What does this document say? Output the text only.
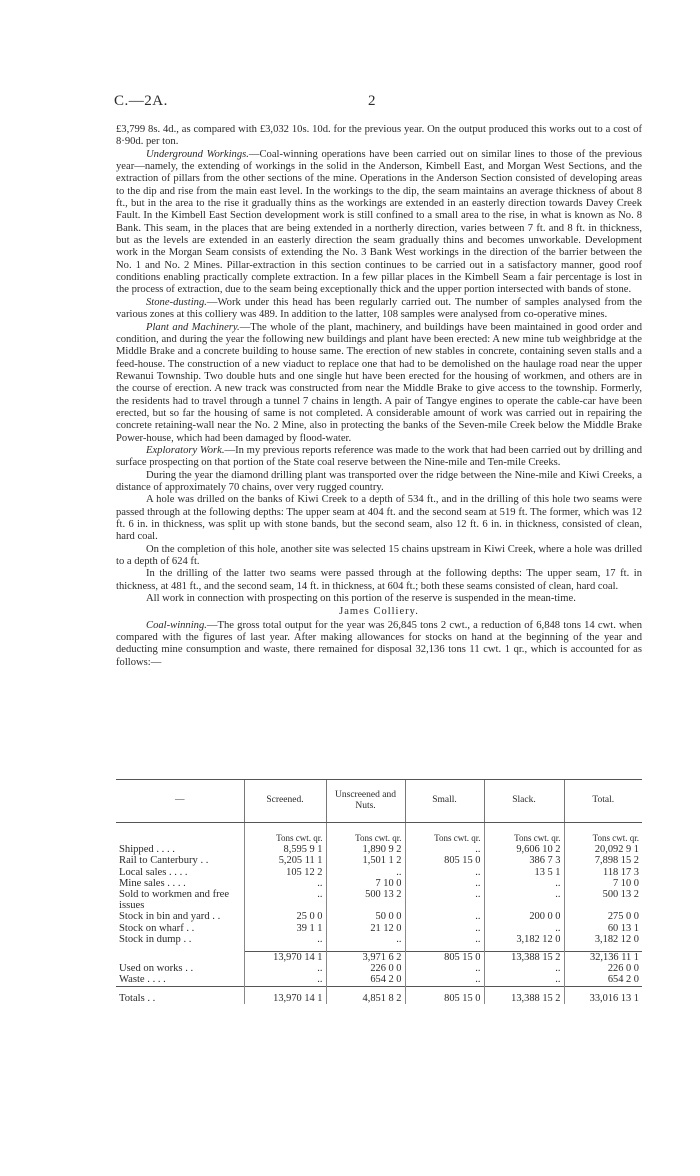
C.—2A.	2

£3,799 8s. 4d., as compared with £3,032 10s. 10d. for the previous year. On the output produced this works out to a cost of 8·90d. per ton.

Underground Workings.—Coal-winning operations have been carried out on similar lines to those of the previous year—namely, the extending of workings in the solid in the Anderson, Kimbell East, and Morgan West Sections, and the extraction of pillars from the other sections of the mine. Operations in the Anderson Section consisted of developing areas to the dip and rise from the main east level. In the workings to the dip, the seam maintains an average thickness of about 8 ft., but in the area to the rise it gradually thins as the workings are extended in an easterly direction towards Davey Creek Fault. In the Kimbell East Section development work is still confined to a small area to the rise, in what is known as No. 8 Bank. This seam, in the places that are being extended in a northerly direction, varies between 7 ft. and 8 ft. in thickness, but as the levels are extended in an easterly direction the seam gradually thins and becomes unworkable. Development work in the Morgan Seam consists of extending the No. 3 Bank West workings in the direction of the barrier between the No. 1 and No. 2 Mines. Pillar-extraction in this section continues to be carried out in a satisfactory manner, good roof conditions enabling practically complete extraction. In a few pillar places in the Kimbell Seam a fair percentage is lost in the process of extraction, due to the seam being exceptionally thick and the upper portion intersected with bands of stone.

Stone-dusting.—Work under this head has been regularly carried out. The number of samples analysed from the various zones at this colliery was 489. In addition to the latter, 108 samples were analysed from co-operative mines.

Plant and Machinery.—The whole of the plant, machinery, and buildings have been maintained in good order and condition, and during the year the following new buildings and plant have been erected: A new mine tub weighbridge at the Middle Brake and a concrete building to house same. The erection of new stables in concrete, containing seven stalls and a feed-house. The construction of a new viaduct to replace one that had to be demolished on the haulage road near the upper Rewanui Township. Two double huts and one single hut have been erected for the housing of workmen, and others are in the course of erection. A new track was constructed from near the Middle Brake to give access to the township. Formerly, the residents had to travel through a tunnel 7 chains in length. A pair of Tangye engines to operate the cable-car have been erected, but so far the housing of same is not completed. A considerable amount of work was carried out in repairing the concrete retaining-wall near the No. 2 Mine, also in protecting the banks of the Seven-mile Creek below the Middle Brake Power-house, which had been damaged by flood-water.

Exploratory Work.—In my previous reports reference was made to the work that had been carried out by drilling and surface prospecting on that portion of the State coal reserve between the Nine-mile and Ten-mile Creeks.

During the year the diamond drilling plant was transported over the ridge between the Nine-mile and Kiwi Creeks, a distance of approximately 70 chains, over very rugged country.

A hole was drilled on the banks of Kiwi Creek to a depth of 534 ft., and in the drilling of this hole two seams were passed through at the following depths: The upper seam at 404 ft. and the second seam at 519 ft. The former, which was 12 ft. 6 in. in thickness, was split up with stone bands, but the second seam, also 12 ft. 6 in. in thickness, consisted of clean, hard coal.

On the completion of this hole, another site was selected 15 chains upstream in Kiwi Creek, where a hole was drilled to a depth of 624 ft.

In the drilling of the latter two seams were passed through at the following depths: The upper seam, 17 ft. in thickness, at 481 ft., and the second seam, 14 ft. in thickness, at 604 ft.; both these seams consisted of clean, hard coal.

All work in connection with prospecting on this portion of the reserve is suspended in the mean-time.

James Colliery.

Coal-winning.—The gross total output for the year was 26,845 tons 2 cwt., a reduction of 6,848 tons 14 cwt. when compared with the figures of last year. After making allowances for stocks on hand at the beginning of the year and deducting mine consumption and waste, there remained for disposal 32,136 tons 11 cwt. 1 qr., which is accounted for as follows:—

—	Screened.	Unscreened and Nuts.	Small.	Slack.	Total.
	Tons cwt. qr.	Tons cwt. qr.	Tons cwt. qr.	Tons cwt. qr.	Tons cwt. qr.
Shipped . . . .	8,595 9 1	1,890 9 2	..	9,606 10 2	20,092 9 1
Rail to Canterbury . .	5,205 11 1	1,501 1 2	805 15 0	386 7 3	7,898 15 2
Local sales . . . .	105 12 2	..	..	13 5 1	118 17 3
Mine sales . . . .	..	7 10 0	..	..	7 10 0
Sold to workmen and free issues	..	500 13 2	..	..	500 13 2
Stock in bin and yard . .	25 0 0	50 0 0	..	200 0 0	275 0 0
Stock on wharf . .	39 1 1	21 12 0	..	..	60 13 1
Stock in dump . .	..	..	..	3,182 12 0	3,182 12 0

	13,970 14 1	3,971 6 2	805 15 0	13,388 15 2	32,136 11 1
Used on works . .	..	226 0 0	..	..	226 0 0
Waste . . . .	..	654 2 0	..	..	654 2 0
Totals . .	13,970 14 1	4,851 8 2	805 15 0	13,388 15 2	33,016 13 1
